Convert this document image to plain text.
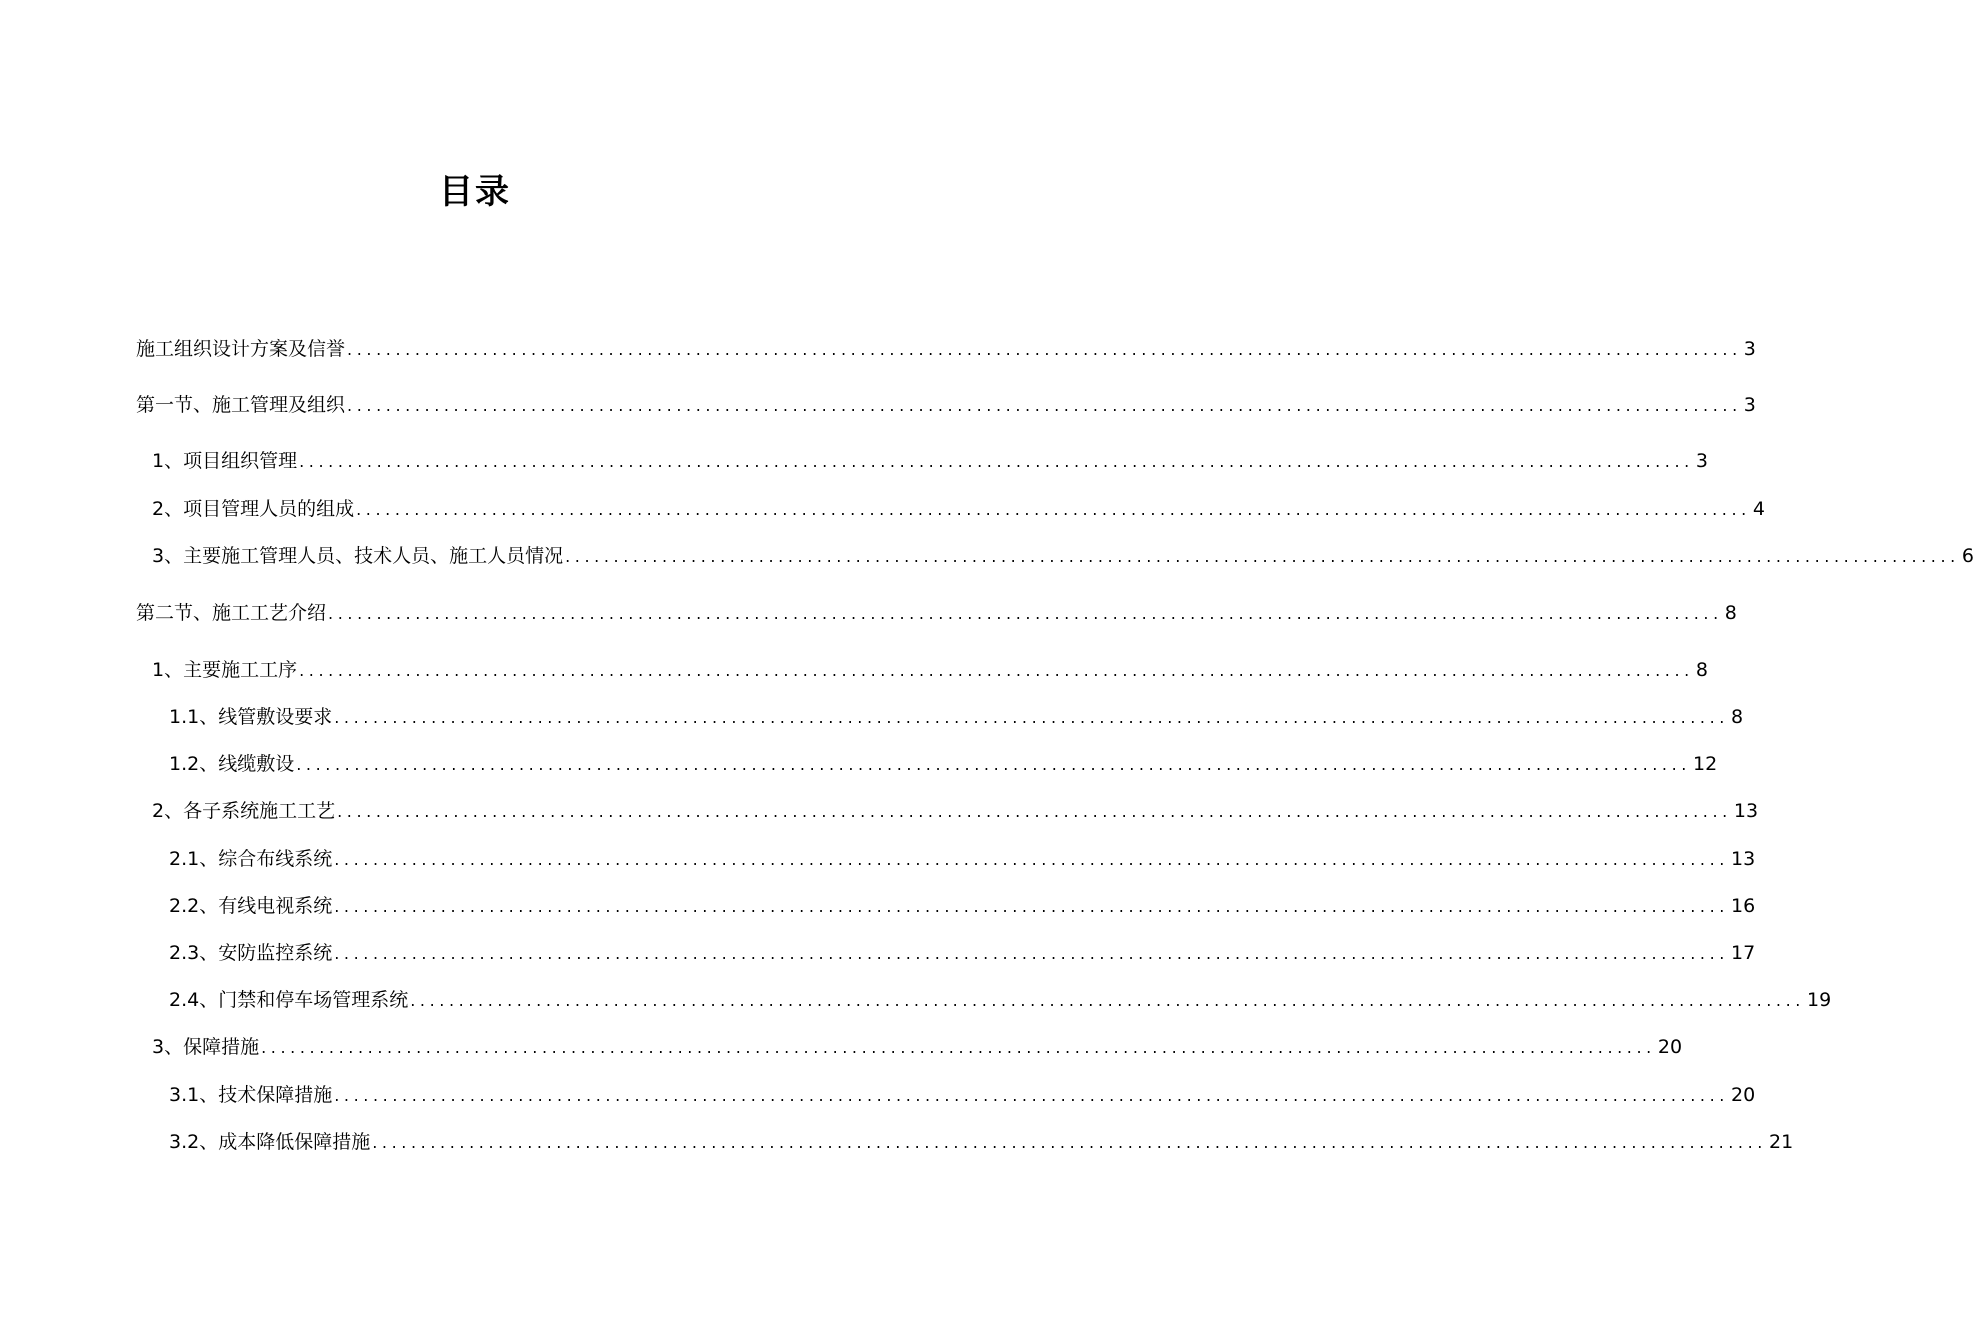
目录
施工组织设计方案及信誉 ................................................................................................................................................ 3
第一节、施工管理及组织 ................................................................................................................................................ 3
1、项目组织管理 ................................................................................................................................................ 3
2、项目管理人员的组成 ................................................................................................................................................ 4
3、主要施工管理人员、技术人员、施工人员情况 ................................................................................................................................................ 6
第二节、施工工艺介绍 ................................................................................................................................................ 8
1、主要施工工序 ................................................................................................................................................ 8
1.1、线管敷设要求 ................................................................................................................................................ 8
1.2、线缆敷设 ................................................................................................................................................ 12
2、各子系统施工工艺 ................................................................................................................................................ 13
2.1、综合布线系统 ................................................................................................................................................ 13
2.2、有线电视系统 ................................................................................................................................................ 16
2.3、安防监控系统 ................................................................................................................................................ 17
2.4、门禁和停车场管理系统 ................................................................................................................................................ 19
3、保障措施 ................................................................................................................................................ 20
3.1、技术保障措施 ................................................................................................................................................ 20
3.2、成本降低保障措施 ................................................................................................................................................ 21
